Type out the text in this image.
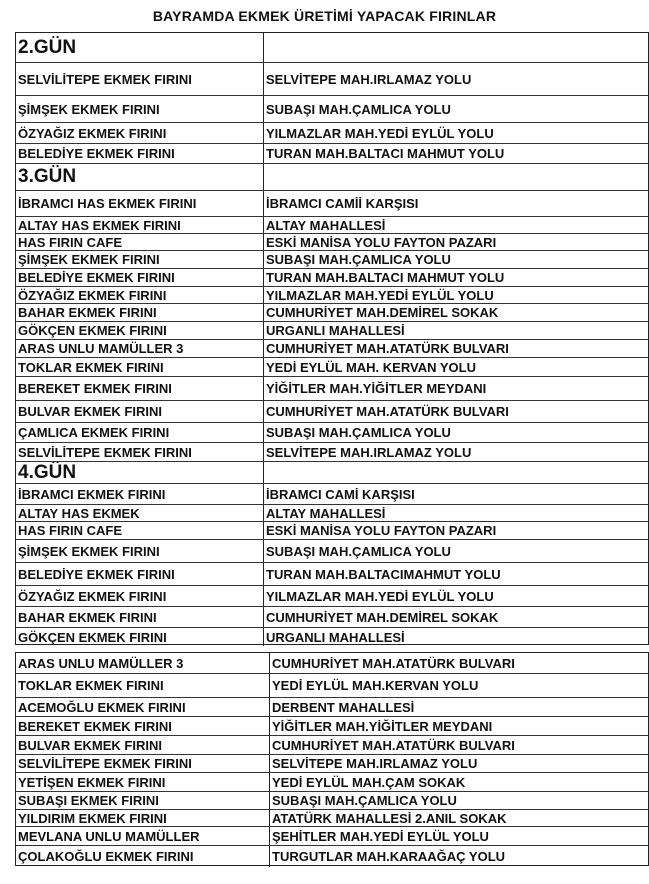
BAYRAMDA EKMEK ÜRETİMİ YAPACAK FIRINLAR
2.GÜN
SELVİLİTEPE EKMEK FIRINI	SELVİTEPE MAH.IRLAMAZ YOLU
ŞİMŞEK EKMEK FIRINI	SUBAŞI MAH.ÇAMLICA YOLU
ÖZYAĞIZ EKMEK FIRINI	YILMAZLAR MAH.YEDİ EYLÜL YOLU
BELEDİYE EKMEK FIRINI	TURAN MAH.BALTACI MAHMUT YOLU
3.GÜN
İBRAMCI HAS EKMEK FIRINI	İBRAMCI CAMİİ KARŞISI
ALTAY HAS EKMEK FIRINI	ALTAY MAHALLESİ
HAS FIRIN CAFE	ESKİ MANİSA YOLU FAYTON PAZARI
ŞİMŞEK EKMEK FIRINI	SUBAŞI MAH.ÇAMLICA YOLU
BELEDİYE EKMEK FIRINI	TURAN MAH.BALTACI MAHMUT YOLU
ÖZYAĞIZ EKMEK FIRINI	YILMAZLAR MAH.YEDİ EYLÜL YOLU
BAHAR EKMEK FIRINI	CUMHURİYET MAH.DEMİREL SOKAK
GÖKÇEN EKMEK FIRINI	URGANLI MAHALLESİ
ARAS UNLU MAMÜLLER 3	CUMHURİYET MAH.ATATÜRK BULVARI
TOKLAR EKMEK FIRINI	YEDİ EYLÜL MAH. KERVAN YOLU
BEREKET EKMEK FIRINI	YİĞİTLER MAH.YİĞİTLER MEYDANI
BULVAR EKMEK FIRINI	CUMHURİYET MAH.ATATÜRK BULVARI
ÇAMLICA EKMEK FIRINI	SUBAŞI MAH.ÇAMLICA YOLU
SELVİLİTEPE EKMEK FIRINI	SELVİTEPE MAH.IRLAMAZ YOLU
4.GÜN
İBRAMCI EKMEK FIRINI	İBRAMCI CAMİ KARŞISI
ALTAY HAS EKMEK	ALTAY MAHALLESİ
HAS FIRIN CAFE	ESKİ MANİSA YOLU FAYTON PAZARI
ŞİMŞEK EKMEK FIRINI	SUBAŞI MAH.ÇAMLICA YOLU
BELEDİYE EKMEK FIRINI	TURAN MAH.BALTACIMAHMUT YOLU
ÖZYAĞIZ EKMEK FIRINI	YILMAZLAR MAH.YEDİ EYLÜL YOLU
BAHAR EKMEK FIRINI	CUMHURİYET MAH.DEMİREL SOKAK
GÖKÇEN EKMEK FIRINI	URGANLI MAHALLESİ
ARAS UNLU MAMÜLLER 3	CUMHURİYET MAH.ATATÜRK BULVARI
TOKLAR EKMEK FIRINI	YEDİ EYLÜL MAH.KERVAN YOLU
ACEMOĞLU EKMEK FIRINI	DERBENT MAHALLESİ
BEREKET EKMEK FIRINI	YİĞİTLER MAH.YİĞİTLER MEYDANI
BULVAR EKMEK FIRINI	CUMHURİYET MAH.ATATÜRK BULVARI
SELVİLİTEPE EKMEK FIRINI	SELVİTEPE MAH.IRLAMAZ YOLU
YETİŞEN EKMEK FIRINI	YEDİ EYLÜL MAH.ÇAM SOKAK
SUBAŞI EKMEK FIRINI	SUBAŞI MAH.ÇAMLICA YOLU
YILDIRIM EKMEK FIRINI	ATATÜRK MAHALLESİ 2.ANIL SOKAK
MEVLANA UNLU MAMÜLLER	ŞEHİTLER MAH.YEDİ EYLÜL YOLU
ÇOLAKOĞLU EKMEK FIRINI	TURGUTLAR MAH.KARAAĞAÇ YOLU
